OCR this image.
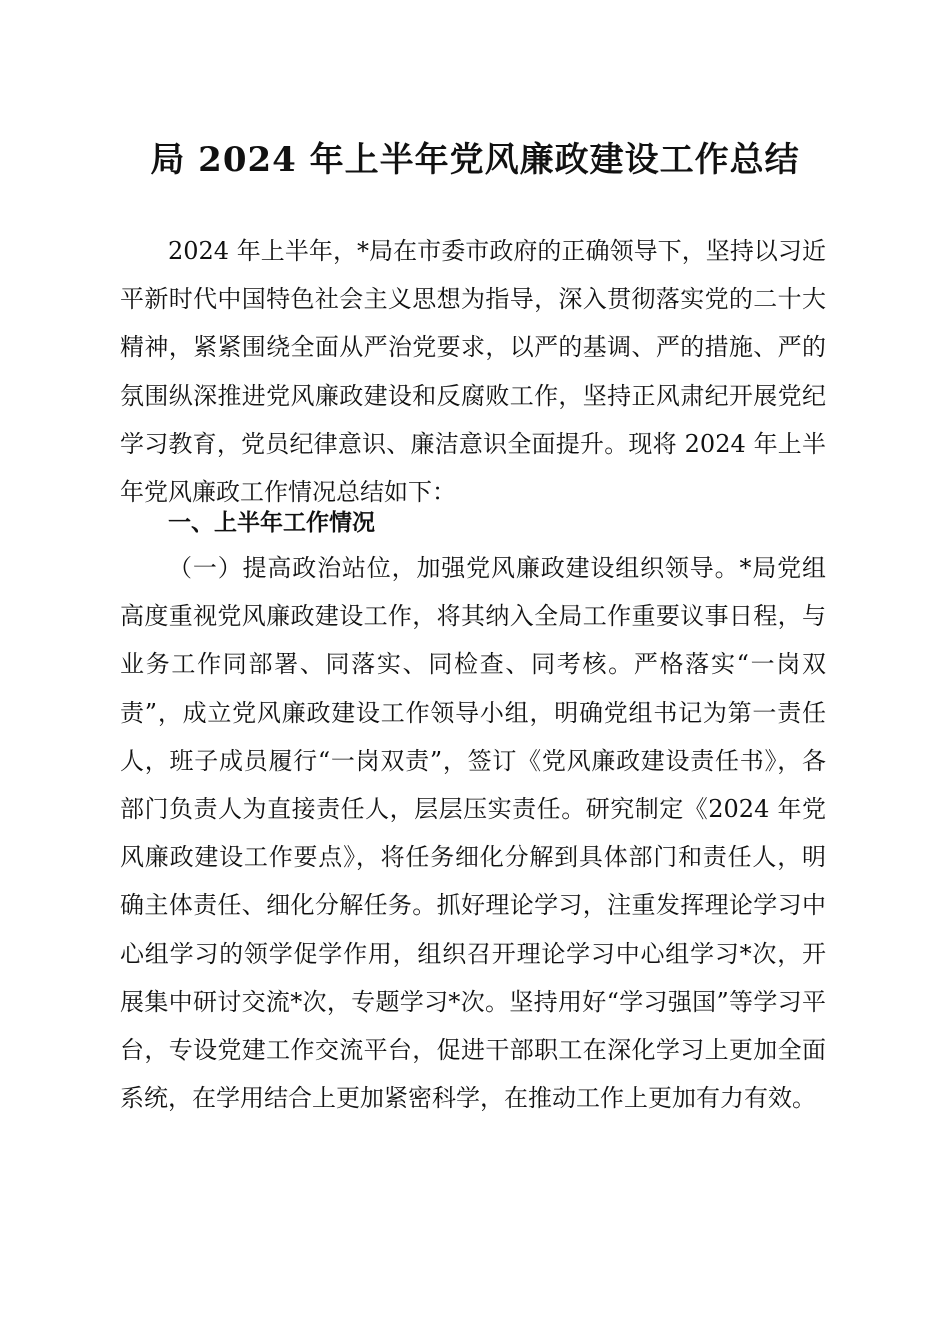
局 2024 年上半年党风廉政建设工作总结

2024 年上半年，*局在市委市政府的正确领导下，坚持以习近平新时代中国特色社会主义思想为指导，深入贯彻落实党的二十大精神，紧紧围绕全面从严治党要求，以严的基调、严的措施、严的氛围纵深推进党风廉政建设和反腐败工作，坚持正风肃纪开展党纪学习教育，党员纪律意识、廉洁意识全面提升。现将 2024 年上半年党风廉政工作情况总结如下：

一、上半年工作情况

（一）提高政治站位，加强党风廉政建设组织领导。*局党组高度重视党风廉政建设工作，将其纳入全局工作重要议事日程，与业务工作同部署、同落实、同检查、同考核。严格落实“一岗双责”，成立党风廉政建设工作领导小组，明确党组书记为第一责任人，班子成员履行“一岗双责”，签订《党风廉政建设责任书》，各部门负责人为直接责任人，层层压实责任。研究制定《2024 年党风廉政建设工作要点》，将任务细化分解到具体部门和责任人，明确主体责任、细化分解任务。抓好理论学习，注重发挥理论学习中心组学习的领学促学作用，组织召开理论学习中心组学习*次，开展集中研讨交流*次，专题学习*次。坚持用好“学习强国”等学习平台，专设党建工作交流平台，促进干部职工在深化学习上更加全面系统，在学用结合上更加紧密科学，在推动工作上更加有力有效。
